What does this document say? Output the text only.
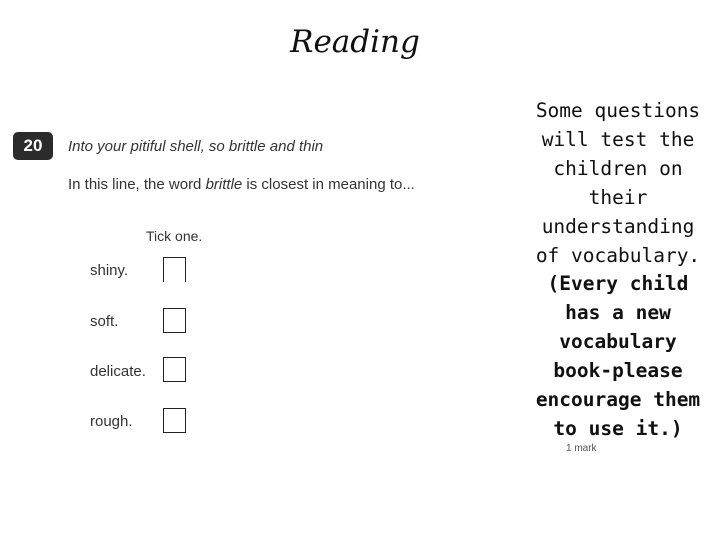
Reading
20	Into your pitiful shell, so brittle and thin
In this line, the word brittle is closest in meaning to...
Tick one.
shiny.
soft.
delicate.
rough.
1 mark
Some questions will test the children on their understanding of vocabulary. (Every child has a new vocabulary book-please encourage them to use it.)
